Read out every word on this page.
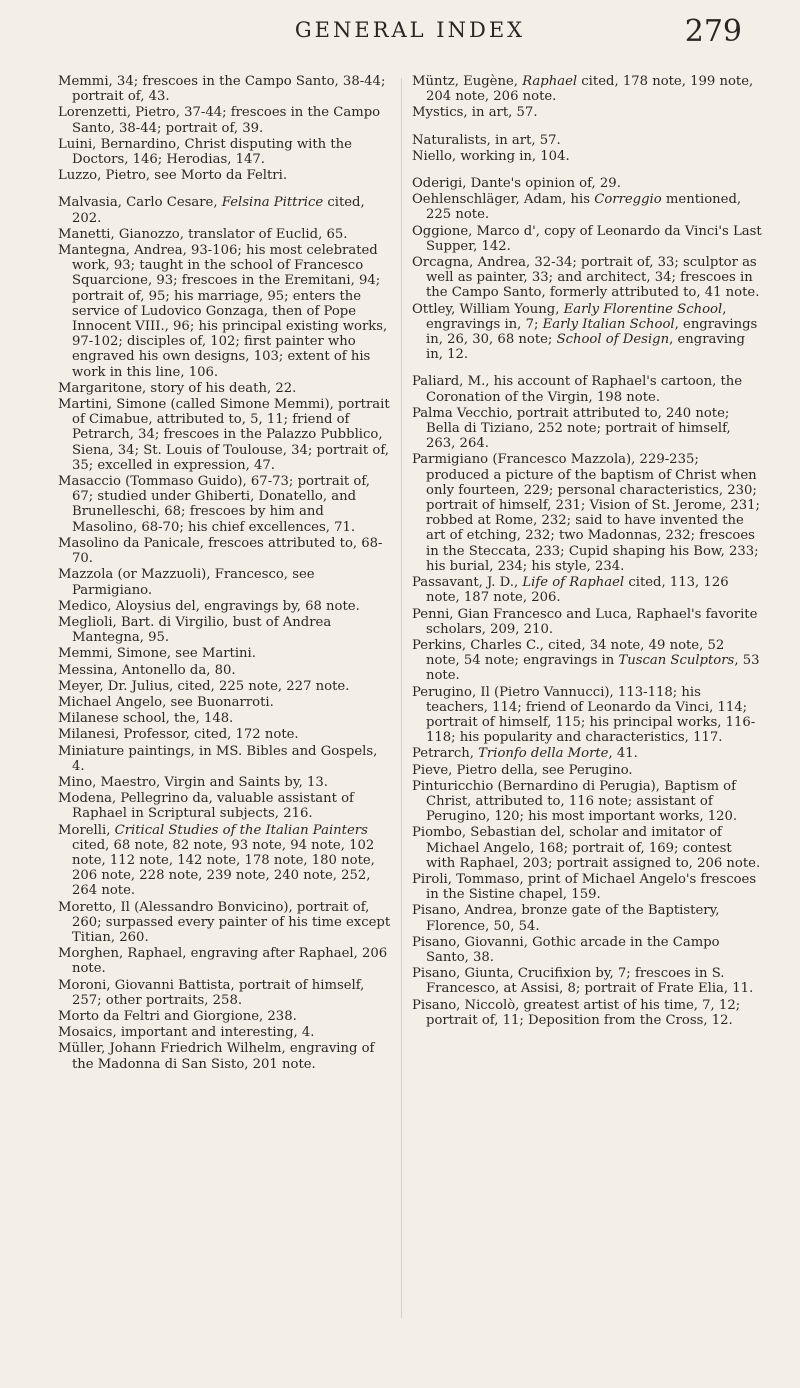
GENERAL INDEX	279

Memmi, 34; frescoes in the Campo Santo, 38-44; portrait of, 43.

Lorenzetti, Pietro, 37-44; frescoes in the Campo Santo, 38-44; portrait of, 39.

Luini, Bernardino, Christ disputing with the Doctors, 146; Herodias, 147.

Luzzo, Pietro, see Morto da Feltri.

Malvasia, Carlo Cesare, Felsina Pittrice cited, 202.

Manetti, Gianozzo, translator of Euclid, 65.

Mantegna, Andrea, 93-106; his most celebrated work, 93; taught in the school of Francesco Squarcione, 93; frescoes in the Eremitani, 94; portrait of, 95; his marriage, 95; enters the service of Ludovico Gonzaga, then of Pope Innocent VIII., 96; his principal existing works, 97-102; disciples of, 102; first painter who engraved his own designs, 103; extent of his work in this line, 106.

Margaritone, story of his death, 22.

Martini, Simone (called Simone Memmi), portrait of Cimabue, attributed to, 5, 11; friend of Petrarch, 34; frescoes in the Palazzo Pubblico, Siena, 34; St. Louis of Toulouse, 34; portrait of, 35; excelled in expression, 47.

Masaccio (Tommaso Guido), 67-73; portrait of, 67; studied under Ghiberti, Donatello, and Brunelleschi, 68; frescoes by him and Masolino, 68-70; his chief excellences, 71.

Masolino da Panicale, frescoes attributed to, 68-70.

Mazzola (or Mazzuoli), Francesco, see Parmigiano.

Medico, Aloysius del, engravings by, 68 note.

Meglioli, Bart. di Virgilio, bust of Andrea Mantegna, 95.

Memmi, Simone, see Martini.

Messina, Antonello da, 80.

Meyer, Dr. Julius, cited, 225 note, 227 note.

Michael Angelo, see Buonarroti.

Milanese school, the, 148.

Milanesi, Professor, cited, 172 note.

Miniature paintings, in MS. Bibles and Gospels, 4.

Mino, Maestro, Virgin and Saints by, 13.

Modena, Pellegrino da, valuable assistant of Raphael in Scriptural subjects, 216.

Morelli, Critical Studies of the Italian Painters cited, 68 note, 82 note, 93 note, 94 note, 102 note, 112 note, 142 note, 178 note, 180 note, 206 note, 228 note, 239 note, 240 note, 252, 264 note.

Moretto, Il (Alessandro Bonvicino), portrait of, 260; surpassed every painter of his time except Titian, 260.

Morghen, Raphael, engraving after Raphael, 206 note.

Moroni, Giovanni Battista, portrait of himself, 257; other portraits, 258.

Morto da Feltri and Giorgione, 238.

Mosaics, important and interesting, 4.

Müller, Johann Friedrich Wilhelm, engraving of the Madonna di San Sisto, 201 note.

Müntz, Eugène, Raphael cited, 178 note, 199 note, 204 note, 206 note.

Mystics, in art, 57.

Naturalists, in art, 57.

Niello, working in, 104.

Oderigi, Dante's opinion of, 29.

Oehlenschläger, Adam, his Correggio mentioned, 225 note.

Oggione, Marco d', copy of Leonardo da Vinci's Last Supper, 142.

Orcagna, Andrea, 32-34; portrait of, 33; sculptor as well as painter, 33; and architect, 34; frescoes in the Campo Santo, formerly attributed to, 41 note.

Ottley, William Young, Early Florentine School, engravings in, 7; Early Italian School, engravings in, 26, 30, 68 note; School of Design, engraving in, 12.

Paliard, M., his account of Raphael's cartoon, the Coronation of the Virgin, 198 note.

Palma Vecchio, portrait attributed to, 240 note; Bella di Tiziano, 252 note; portrait of himself, 263, 264.

Parmigiano (Francesco Mazzola), 229-235; produced a picture of the baptism of Christ when only fourteen, 229; personal characteristics, 230; portrait of himself, 231; Vision of St. Jerome, 231; robbed at Rome, 232; said to have invented the art of etching, 232; two Madonnas, 232; frescoes in the Steccata, 233; Cupid shaping his Bow, 233; his burial, 234; his style, 234.

Passavant, J. D., Life of Raphael cited, 113, 126 note, 187 note, 206.

Penni, Gian Francesco and Luca, Raphael's favorite scholars, 209, 210.

Perkins, Charles C., cited, 34 note, 49 note, 52 note, 54 note; engravings in Tuscan Sculptors, 53 note.

Perugino, Il (Pietro Vannucci), 113-118; his teachers, 114; friend of Leonardo da Vinci, 114; portrait of himself, 115; his principal works, 116-118; his popularity and characteristics, 117.

Petrarch, Trionfo della Morte, 41.

Pieve, Pietro della, see Perugino.

Pinturicchio (Bernardino di Perugia), Baptism of Christ, attributed to, 116 note; assistant of Perugino, 120; his most important works, 120.

Piombo, Sebastian del, scholar and imitator of Michael Angelo, 168; portrait of, 169; contest with Raphael, 203; portrait assigned to, 206 note.

Piroli, Tommaso, print of Michael Angelo's frescoes in the Sistine chapel, 159.

Pisano, Andrea, bronze gate of the Baptistery, Florence, 50, 54.

Pisano, Giovanni, Gothic arcade in the Campo Santo, 38.

Pisano, Giunta, Crucifixion by, 7; frescoes in S. Francesco, at Assisi, 8; portrait of Frate Elia, 11.

Pisano, Niccolò, greatest artist of his time, 7, 12; portrait of, 11; Deposition from the Cross, 12.
